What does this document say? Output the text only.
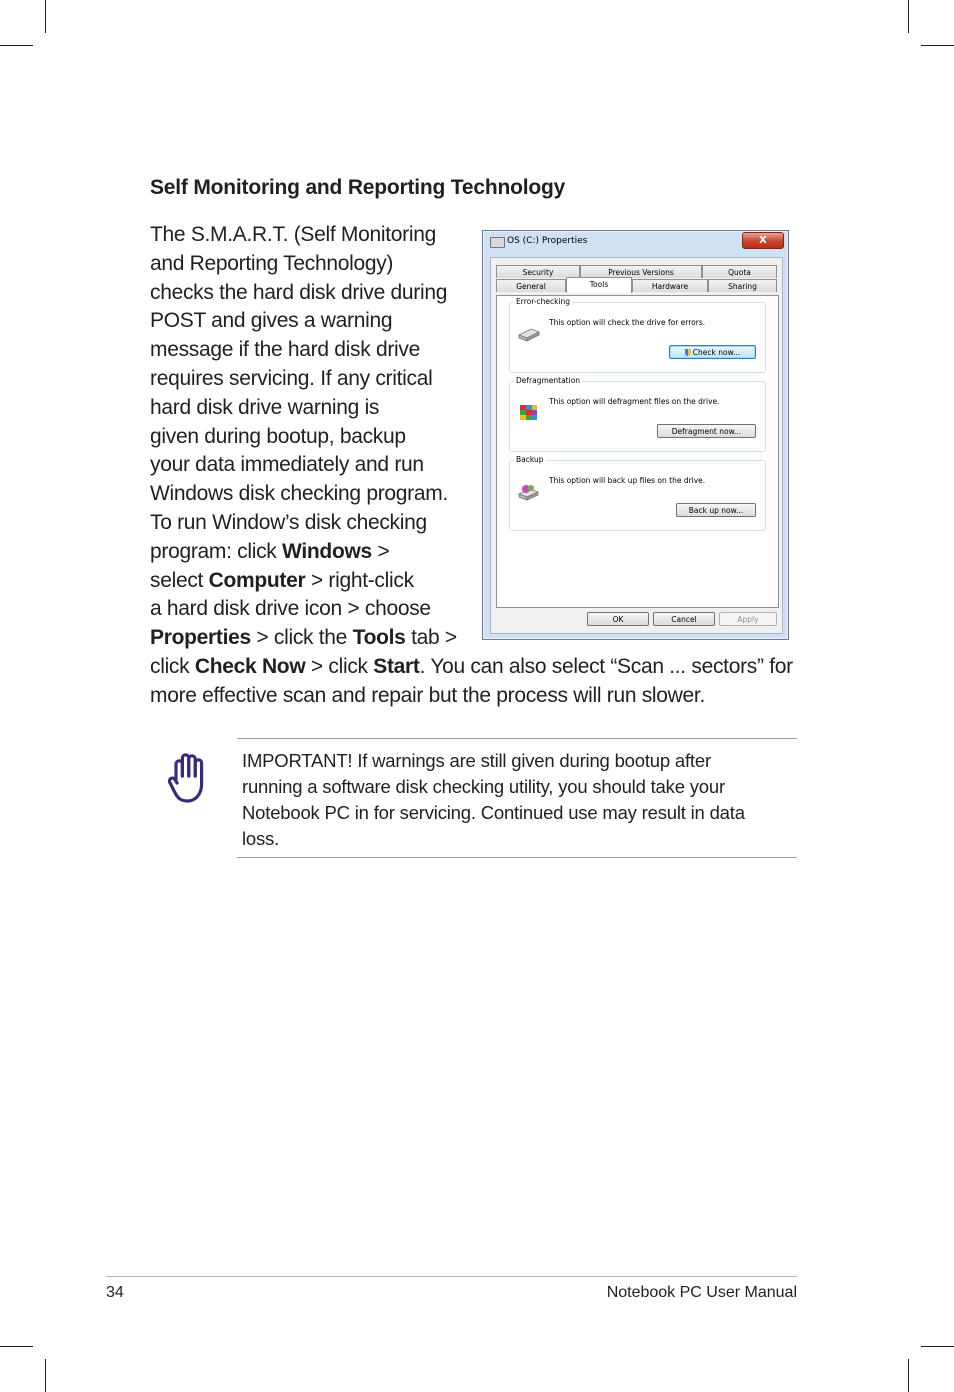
Self Monitoring and Reporting Technology
The S.M.A.R.T. (Self Monitoring
and Reporting Technology)
checks the hard disk drive during
POST and gives a warning
message if the hard disk drive
requires servicing. If any critical
hard disk drive warning is
given during bootup, backup
your data immediately and run
Windows disk checking program.
To run Window’s disk checking
program: click Windows >
select Computer > right-click
a hard disk drive icon > choose
Properties > click the Tools tab >
click Check Now > click Start. You can also select “Scan ... sectors” for
more effective scan and repair but the process will run slower.
OS (C:) Properties	X
Security	Previous Versions	Quota
General	Tools	Hardware	Sharing
Error-checking
This option will check the drive for errors.
Check now...
Defragmentation
This option will defragment files on the drive.
Defragment now...
Backup
This option will back up files on the drive.
Back up now...
OK	Cancel	Apply
IMPORTANT! If warnings are still given during bootup after
running a software disk checking utility, you should take your
Notebook PC in for servicing. Continued use may result in data
loss.
34	Notebook PC User Manual
